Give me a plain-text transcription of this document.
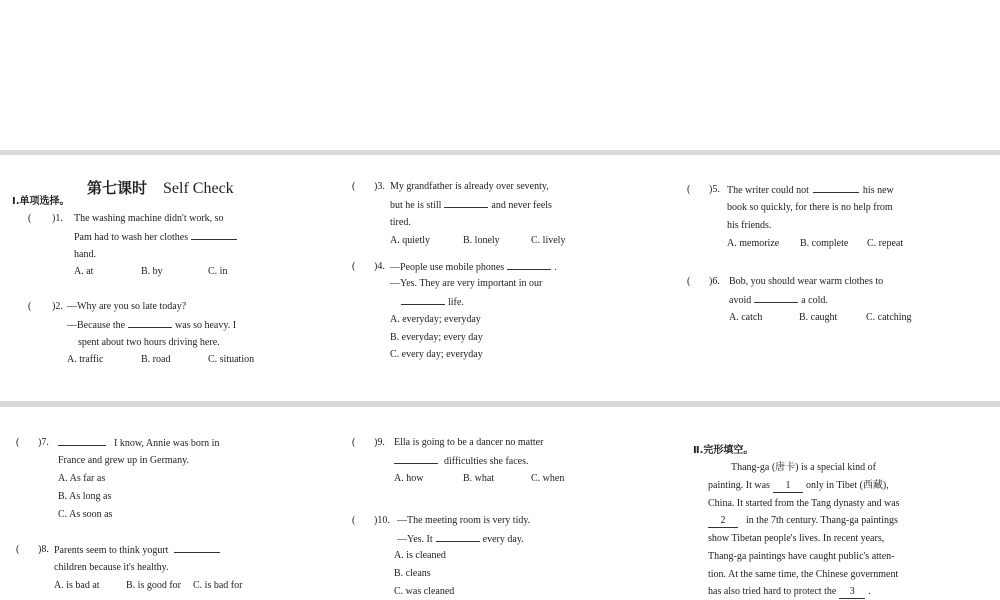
第七课时 Self Check
Ⅰ.单项选择。
( )1. The washing machine didn't work, so
Pam had to wash her clothes
hand.
A. at	B. by	C. in
( )2. —Why are you so late today?
—Because the	was so heavy. I
spent about two hours driving here.
A. traffic	B. road	C. situation
( )3. My grandfather is already over seventy,
but he is still	and never feels
tired.
A. quietly	B. lonely	C. lively
( )4. —People use mobile phones	.
—Yes. They are very important in our
life.
A. everyday; everyday
B. everyday; every day
C. every day; everyday
( )5. The writer could not	his new
book so quickly, for there is no help from
his friends.
A. memorize B. complete C. repeat
( )6. Bob, you should wear warm clothes to
avoid	a cold.
A. catch	B. caught	C. catching
( )7.	I know, Annie was born in
France and grew up in Germany.
A. As far as
B. As long as
C. As soon as
( )8. Parents seem to think yogurt
children because it's healthy.
A. is bad at	B. is good for C. is bad for
( )9. Ella is going to be a dancer no matter
difficulties she faces.
A. how	B. what	C. when
( )10. —The meeting room is very tidy.
—Yes. It	every day.
A. is cleaned
B. cleans
C. was cleaned
Ⅱ.完形填空。
Thang-ga (唐卡) is a special kind of
painting. It was 1 only in Tibet (西藏),
China. It started from the Tang dynasty and was
2 in the 7th century. Thang-ga paintings
show Tibetan people's lives. In recent years,
Thang-ga paintings have caught public's atten-
tion. At the same time, the Chinese government
has also tried hard to protect the 3 .
